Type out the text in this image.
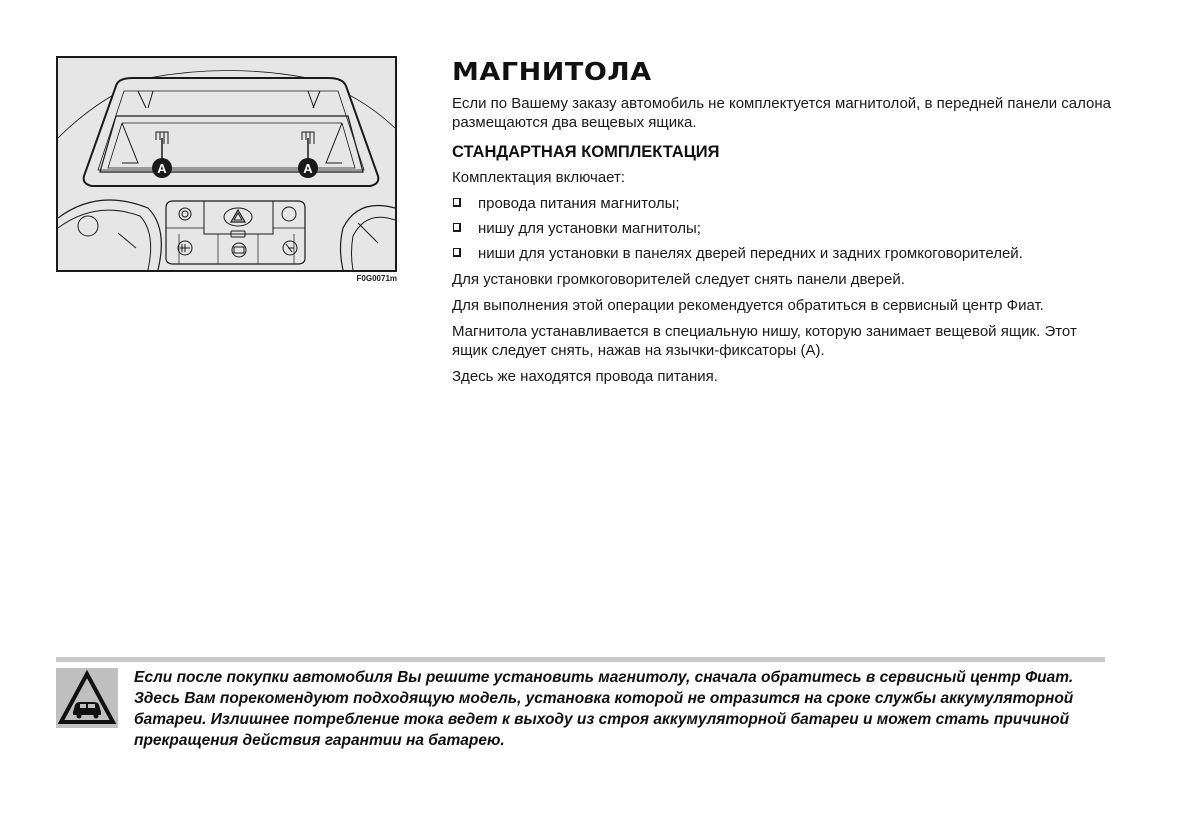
A	A
F0G0071m
МАГНИТОЛА

Если по Вашему заказу автомобиль не комплектуется магнитолой, в передней панели салона размещаются два вещевых ящика.

СТАНДАРТНАЯ КОМПЛЕКТАЦИЯ

Комплектация включает:

провода питания магнитолы;
нишу для установки магнитолы;
ниши для установки в панелях дверей передних и задних громкоговорителей.

Для установки громкоговорителей следует снять панели дверей.

Для выполнения этой операции рекомендуется обратиться в сервисный центр Фиат.

Магнитола устанавливается в специальную нишу, которую занимает вещевой ящик. Этот ящик следует снять, нажав на язычки-фиксаторы (A).

Здесь же находятся провода питания.

Если после покупки автомобиля Вы решите установить магнитолу, сначала обратитесь в сервисный центр Фиат. Здесь Вам порекомендуют подходящую модель, установка которой не отразится на сроке службы аккумуляторной батареи. Излишнее потребление тока ведет к выходу из строя аккумуляторной батареи и может стать причиной прекращения действия гарантии на батарею.
